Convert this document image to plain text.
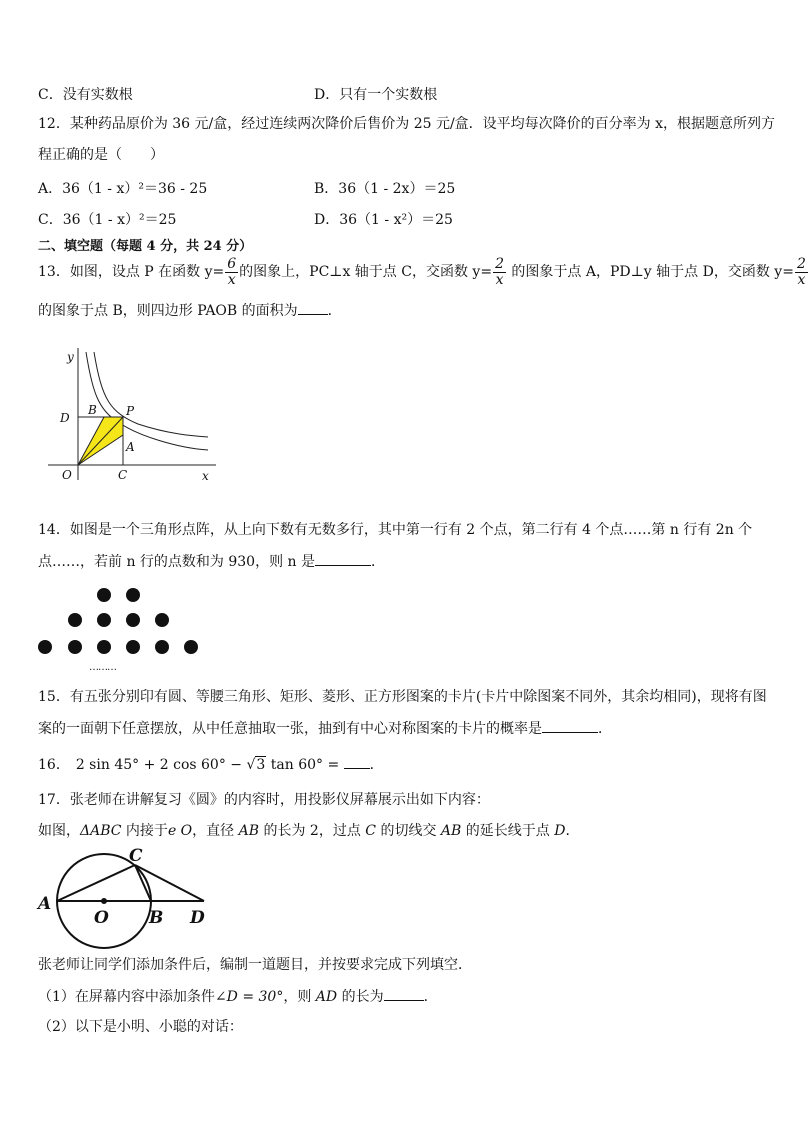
C．没有实数根	D．只有一个实数根
12．某种药品原价为 36 元/盒，经过连续两次降价后售价为 25 元/盒．设平均每次降价的百分率为 x，根据题意所列方
程正确的是（　　）
A．36（1 - x）²＝36 - 25	B．36（1 - 2x）＝25
C．36（1 - x）²＝25	D．36（1 - x²）＝25
二、填空题（每题 4 分，共 24 分）
13．如图，设点 P 在函数 $y= \frac{6}{x}$ 的图象上，PC⊥x 轴于点 C，交函数 $y= \frac{2}{x}$ 的图象于点 A，PD⊥y 轴于点 D，交函数 $y= \frac{2}{x}$
的图象于点 B，则四边形 PAOB 的面积为 ．
y
x
O
D
B P
A
C
14．如图是一个三角形点阵，从上向下数有无数多行，其中第一行有 2 个点，第二行有 4 个点……第 n 行有 2n 个
点……，若前 n 行的点数和为 930，则 n 是	．
………
15．有五张分别印有圆、等腰三角形、矩形、菱形、正方形图案的卡片(卡片中除图案不同外，其余均相同)，现将有图
案的一面朝下任意摆放，从中任意抽取一张，抽到有中心对称图案的卡片的概率是	．
16． 2 sin 45° + 2 cos 60° − √3 tan 60° = ．
17．张老师在讲解复习《圆》的内容时，用投影仪屏幕展示出如下内容：
如图，ΔABC 内接于e O，直径 AB 的长为 2，过点 C 的切线交 AB 的延长线于点 D．
A
O B
C
D
张老师让同学们添加条件后，编制一道题目，并按要求完成下列填空．
（1）在屏幕内容中添加条件∠D = 30°，则 AD 的长为	．
（2）以下是小明、小聪的对话：
